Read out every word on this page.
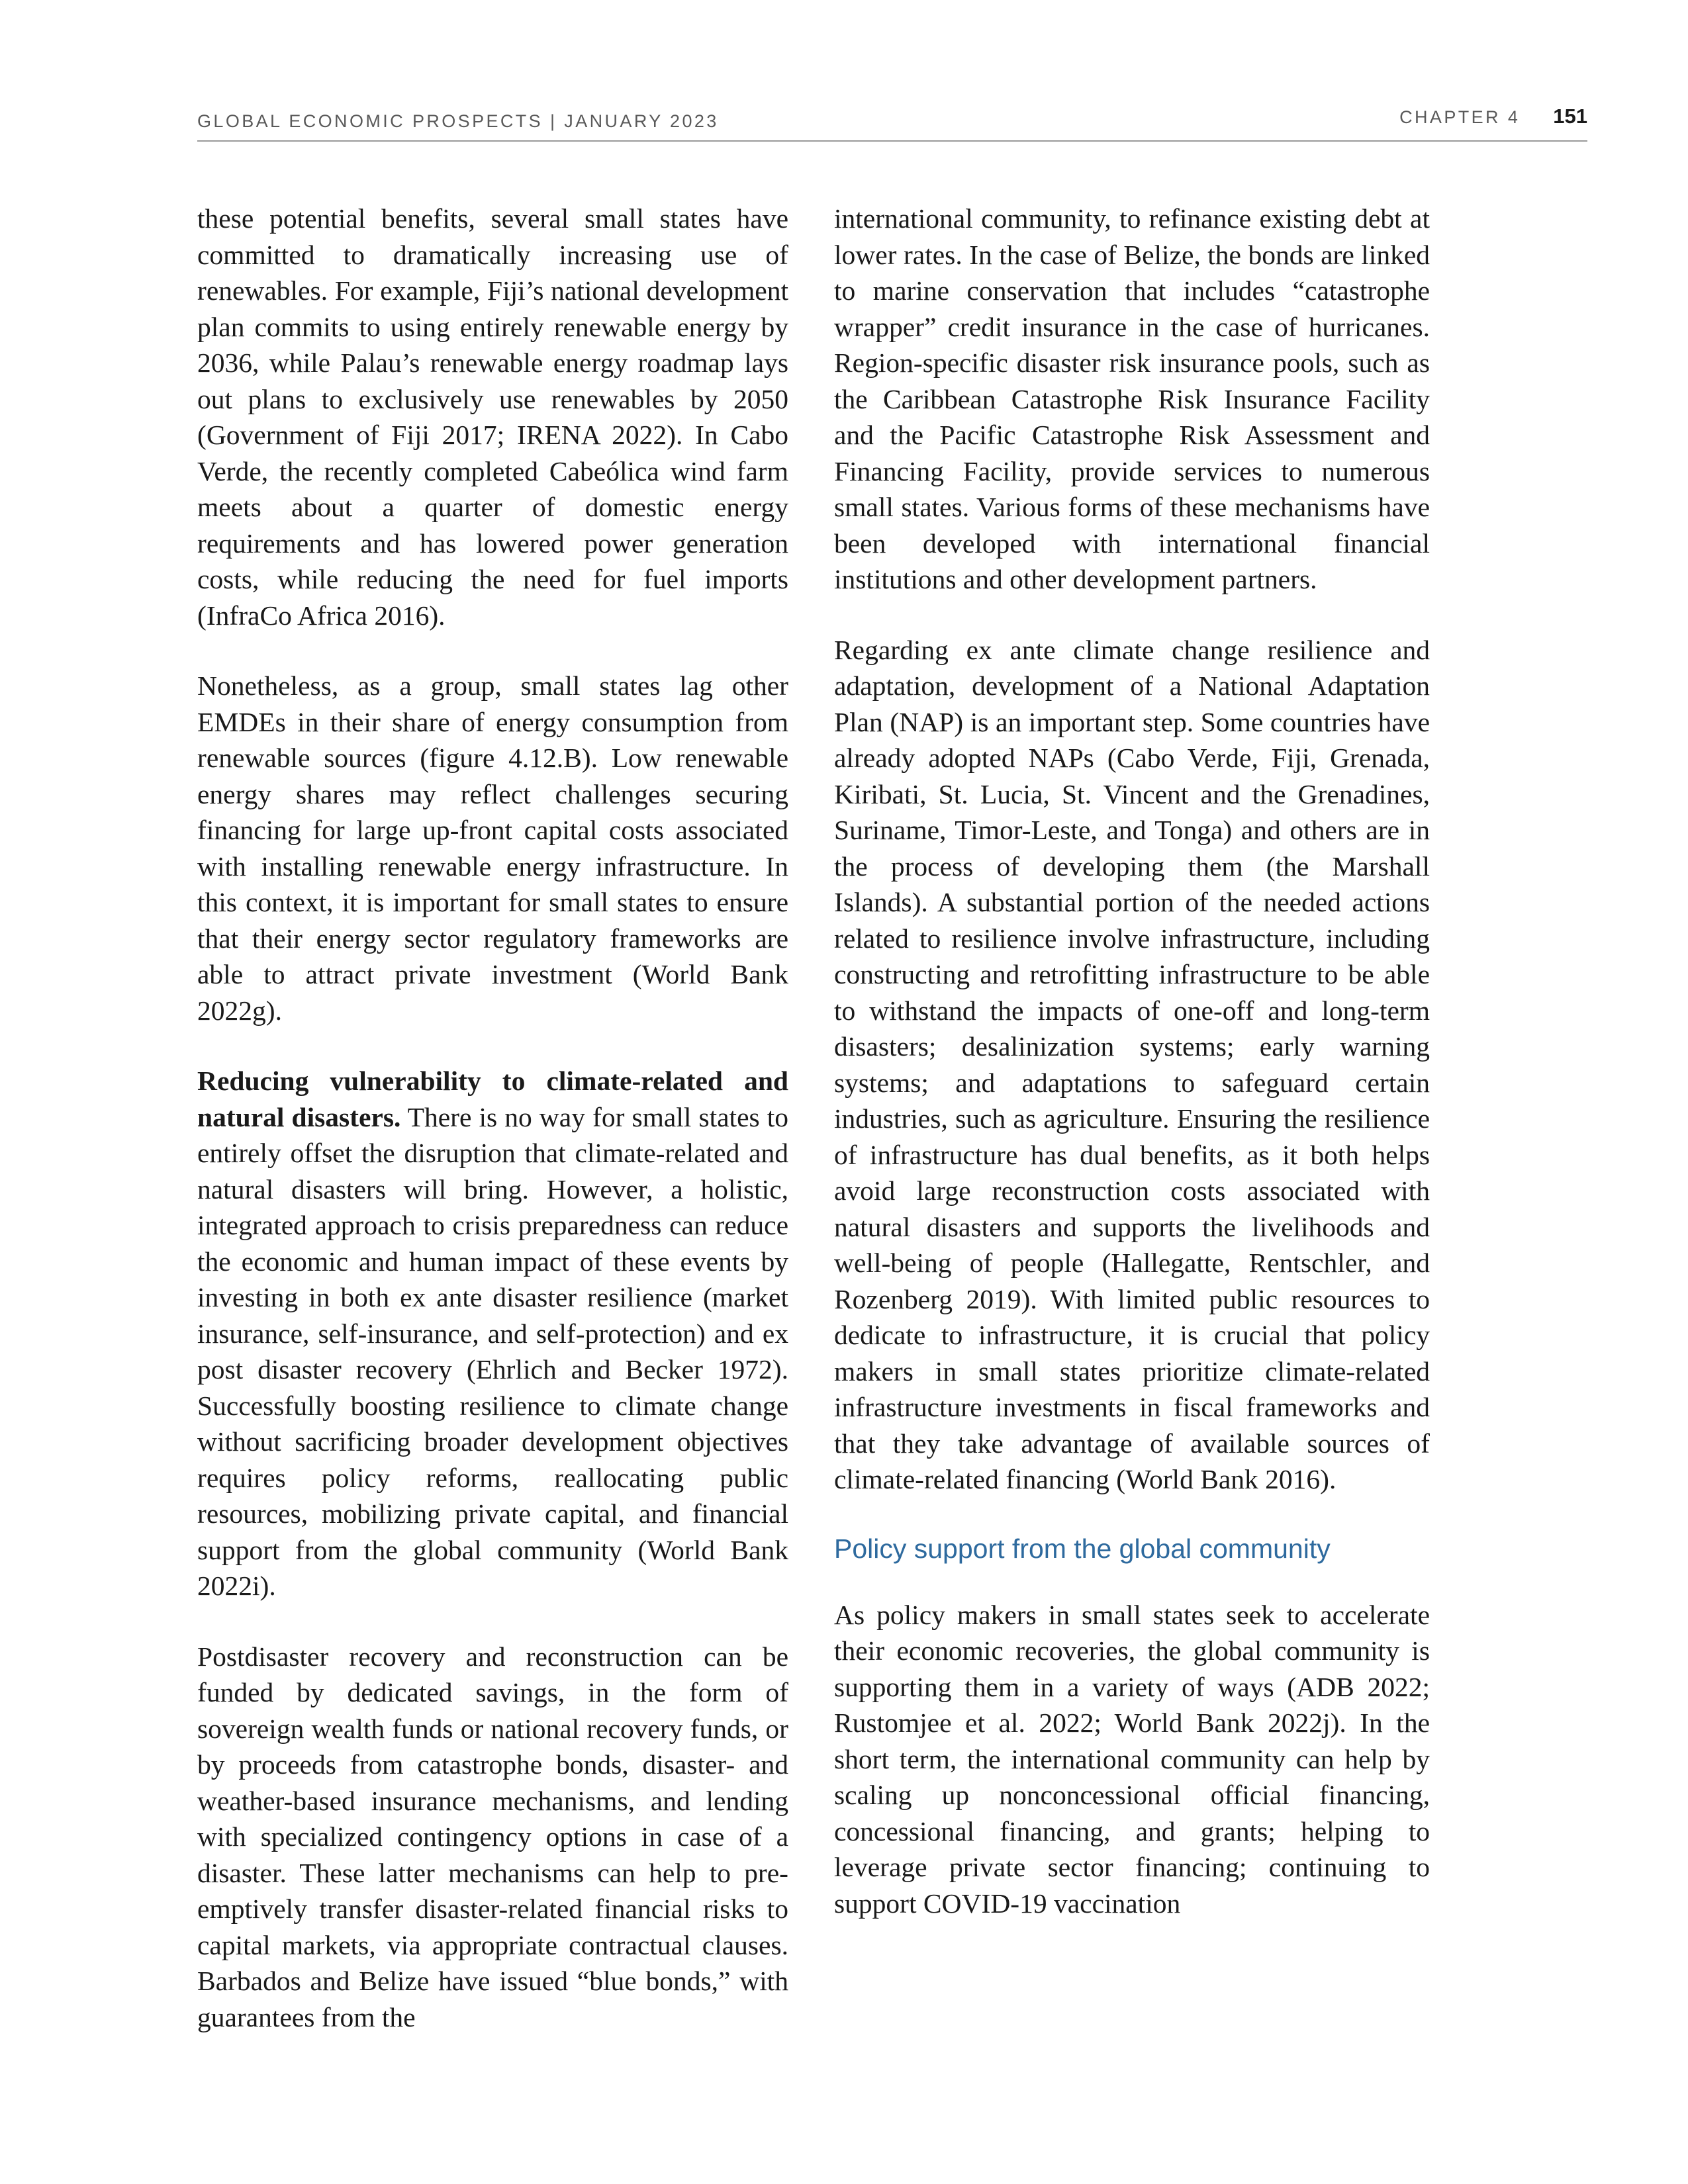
GLOBAL ECONOMIC PROSPECTS | JANUARY 2023	CHAPTER 4 151

these potential benefits, several small states have committed to dramatically increasing use of renewables. For example, Fiji’s national development plan commits to using entirely renewable energy by 2036, while Palau’s renewable energy roadmap lays out plans to exclusively use renewables by 2050 (Government of Fiji 2017; IRENA 2022). In Cabo Verde, the recently completed Cabeólica wind farm meets about a quarter of domestic energy requirements and has lowered power generation costs, while reducing the need for fuel imports (InfraCo Africa 2016).

Nonetheless, as a group, small states lag other EMDEs in their share of energy consumption from renewable sources (figure 4.12.B). Low renewable energy shares may reflect challenges securing financing for large up-front capital costs associated with installing renewable energy infrastructure. In this context, it is important for small states to ensure that their energy sector regulatory frameworks are able to attract private investment (World Bank 2022g).

Reducing vulnerability to climate-related and natural disasters. There is no way for small states to entirely offset the disruption that climate-related and natural disasters will bring. However, a holistic, integrated approach to crisis preparedness can reduce the economic and human impact of these events by investing in both ex ante disaster resilience (market insurance, self-insurance, and self-protection) and ex post disaster recovery (Ehrlich and Becker 1972). Successfully boosting resilience to climate change without sacrificing broader development objectives requires policy reforms, reallocating public resources, mobilizing private capital, and financial support from the global community (World Bank 2022i).

Postdisaster recovery and reconstruction can be funded by dedicated savings, in the form of sovereign wealth funds or national recovery funds, or by proceeds from catastrophe bonds, disaster- and weather-based insurance mechanisms, and lending with specialized contingency options in case of a disaster. These latter mechanisms can help to pre-emptively transfer disaster-related financial risks to capital markets, via appropriate contractual clauses. Barbados and Belize have issued “blue bonds,” with guarantees from the

international community, to refinance existing debt at lower rates. In the case of Belize, the bonds are linked to marine conservation that includes “catastrophe wrapper” credit insurance in the case of hurricanes. Region-specific disaster risk insurance pools, such as the Caribbean Catastrophe Risk Insurance Facility and the Pacific Catastrophe Risk Assessment and Financing Facility, provide services to numerous small states. Various forms of these mechanisms have been developed with international financial institutions and other development partners.

Regarding ex ante climate change resilience and adaptation, development of a National Adaptation Plan (NAP) is an important step. Some countries have already adopted NAPs (Cabo Verde, Fiji, Grenada, Kiribati, St. Lucia, St. Vincent and the Grenadines, Suriname, Timor-Leste, and Tonga) and others are in the process of developing them (the Marshall Islands). A substantial portion of the needed actions related to resilience involve infrastructure, including constructing and retrofitting infrastructure to be able to withstand the impacts of one-off and long-term disasters; desalinization systems; early warning systems; and adaptations to safeguard certain industries, such as agriculture. Ensuring the resilience of infrastructure has dual benefits, as it both helps avoid large reconstruction costs associated with natural disasters and supports the livelihoods and well-being of people (Hallegatte, Rentschler, and Rozenberg 2019). With limited public resources to dedicate to infrastructure, it is crucial that policy makers in small states prioritize climate-related infrastructure investments in fiscal frameworks and that they take advantage of available sources of climate-related financing (World Bank 2016).

Policy support from the global community

As policy makers in small states seek to accelerate their economic recoveries, the global community is supporting them in a variety of ways (ADB 2022; Rustomjee et al. 2022; World Bank 2022j). In the short term, the international community can help by scaling up nonconcessional official financing, concessional financing, and grants; helping to leverage private sector financing; continuing to support COVID-19 vaccination
